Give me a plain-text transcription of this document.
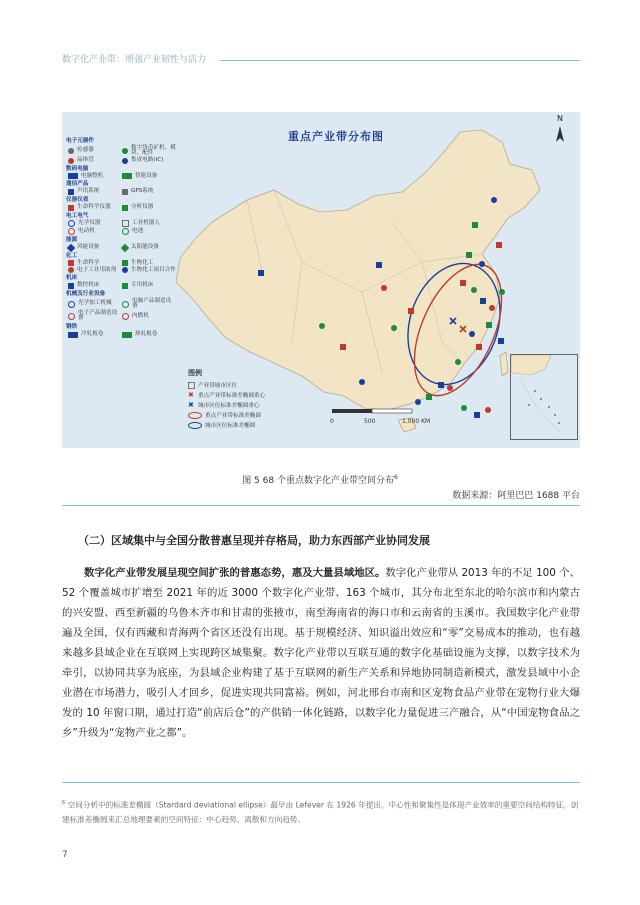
数字化产业带：增强产业韧性与活力
重点产业带分布图
N
电子元器件
传感器	数字货币矿机、模块、配件
晶体管	集成电路(IC)
数码电脑
电脑整机	智能设备
通信产品
声讯系统	GPS系统
仪器仪表
生命科学仪器	分析仪器
电工电气
光学仪器	工业机器人
电动机	电池
能源
风能设备	太阳能设备
化工
生命科学	生物化工
电子工业用助剂	生物化工项目合作
机床
数控机床	专用机床
机械及行业设备
光学加工机械	电脑产品制造设备
电子产品制造设备	内燃机
钢铁
冷轧板卷	热轧板卷
图例
产业带城市区位
✖ 重点产业带标准差椭圆重心
✖ 城市区位标准差椭圆重心
重点产业带标准差椭圆
城市区位标准差椭圆
0	500	1,000 KM
图 5 68 个重点数字化产业带空间分布$^6$
数据来源：阿里巴巴 1688 平台
（二）区域集中与全国分散普惠呈现并存格局，助力东西部产业协同发展

数字化产业带发展呈现空间扩张的普惠态势，惠及大量县域地区。数字化产业带从 2013 年的不足 100 个、52 个覆盖城市扩增至 2021 年的近 3000 个数字化产业带、163 个城市，其分布北至东北的哈尔滨市和内蒙古的兴安盟、西至新疆的乌鲁木齐市和甘肃的张掖市，南至海南省的海口市和云南省的玉溪市。我国数字化产业带遍及全国，仅有西藏和青海两个省区还没有出现。基于规模经济、知识溢出效应和“零”交易成本的推动，也有越来越多县域企业在互联网上实现跨区域集聚。数字化产业带以互联互通的数字化基础设施为支撑，以数字技术为牵引，以协同共享为底座，为县域企业构建了基于互联网的新生产关系和异地协同制造新模式，激发县域中小企业潜在市场潜力，吸引人才回乡，促进实现共同富裕。例如，河北邢台市南和区宠物食品产业带在宠物行业大爆发的 10 年窗口期，通过打造“前店后仓”的产供销一体化链路，以数字化力量促进三产融合，从“中国宠物食品之乡”升级为“宠物产业之都”。

$^6$ 空间分析中的标准差椭圆（Stardard deviational ellipse）最早由 Lefever 在 1926 年提出。中心性和聚集性是体现产业效率的重要空间结构特征。创建标准差椭圆来汇总地理要素的空间特征：中心趋势、离散和方向趋势。

7
